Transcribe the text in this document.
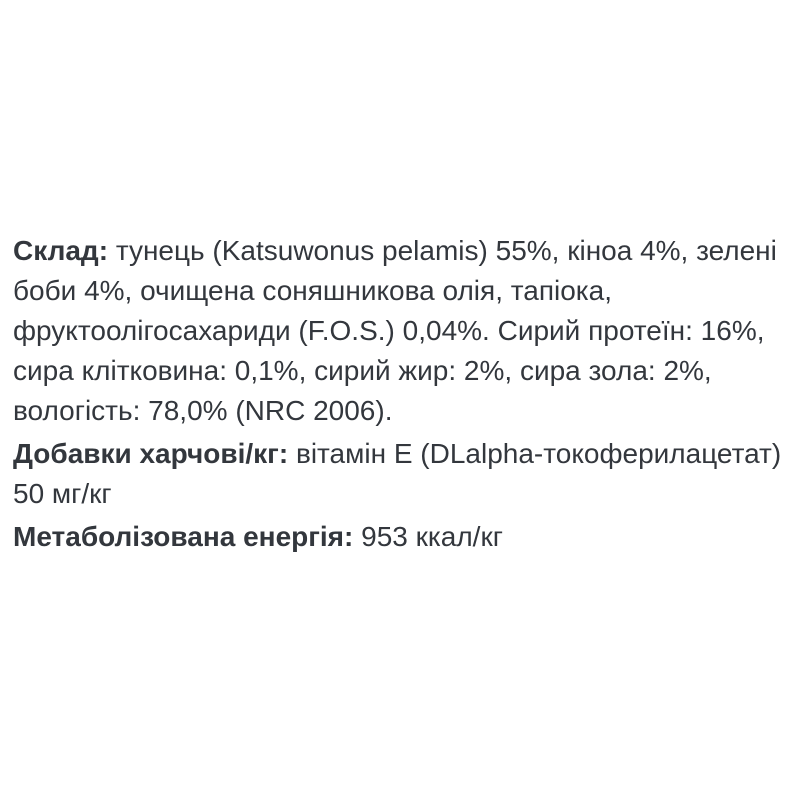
Склад: тунець (Katsuwonus pelamis) 55%, кіноа 4%, зелені боби 4%, очищена соняшникова олія, тапіока, фруктоолігосахариди (F.O.S.) 0,04%. Сирий протеїн: 16%, сира клітковина: 0,1%, сирий жир: 2%, сира зола: 2%, вологість: 78,0% (NRC 2006).

Добавки харчові/кг: вітамін E (DLalpha-токоферилацетат) 50 мг/кг

Метаболізована енергія: 953 ккал/кг
